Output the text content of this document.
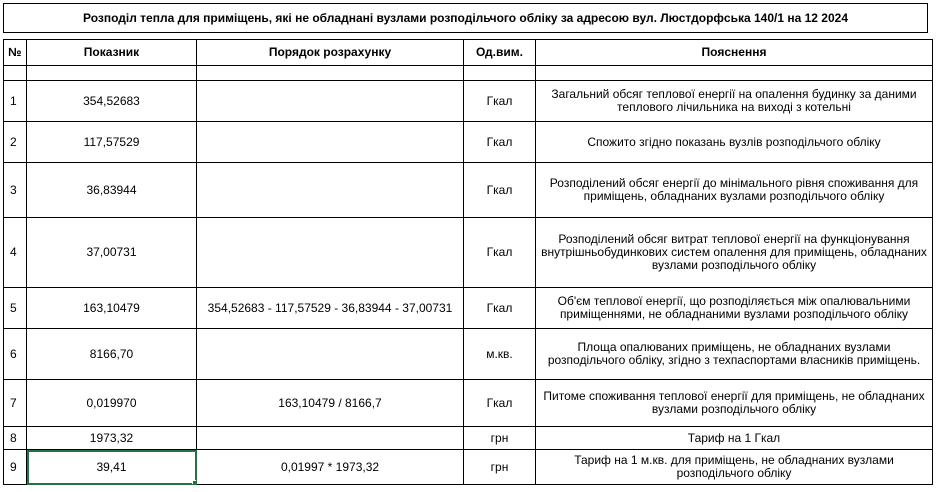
Розподіл тепла для приміщень, які не обладнані вузлами розподільчого обліку за адресою вул. Люстдорфська 140/1 на 12 2024
№	Показник	Порядок розрахунку	Од.вим.	Пояснення

1	354,52683		Гкал	Загальний обсяг теплової енергії на опалення будинку за даними теплового лічильника на виході з котельні
2	117,57529		Гкал	Спожито згідно показань вузлів розподільчого обліку
3	36,83944		Гкал	Розподілений обсяг енергії до мінімального рівня споживання для приміщень, обладнаних вузлами розподільчого обліку
4	37,00731		Гкал	Розподілений обсяг витрат теплової енергії на функціонування внутрішньобудинкових систем опалення для приміщень, обладнаних вузлами розподільчого обліку
5	163,10479	354,52683 - 117,57529 - 36,83944 - 37,00731	Гкал	Об'єм теплової енергії, що розподіляється між опалювальними приміщеннями, не обладнаними вузлами розподільчого обліку
6	8166,70		м.кв.	Площа опалюваних приміщень, не обладнаних вузлами розподільчого обліку, згідно з техпаспортами власників приміщень.
7	0,019970	163,10479 / 8166,7	Гкал	Питоме споживання теплової енергії для приміщень, не обладнаних вузлами розподільчого обліку
8	1973,32		грн	Тариф на 1 Гкал
9	39,41	0,01997 * 1973,32	грн	Тариф на 1 м.кв. для приміщень, не обладнаних вузлами розподільчого обліку
